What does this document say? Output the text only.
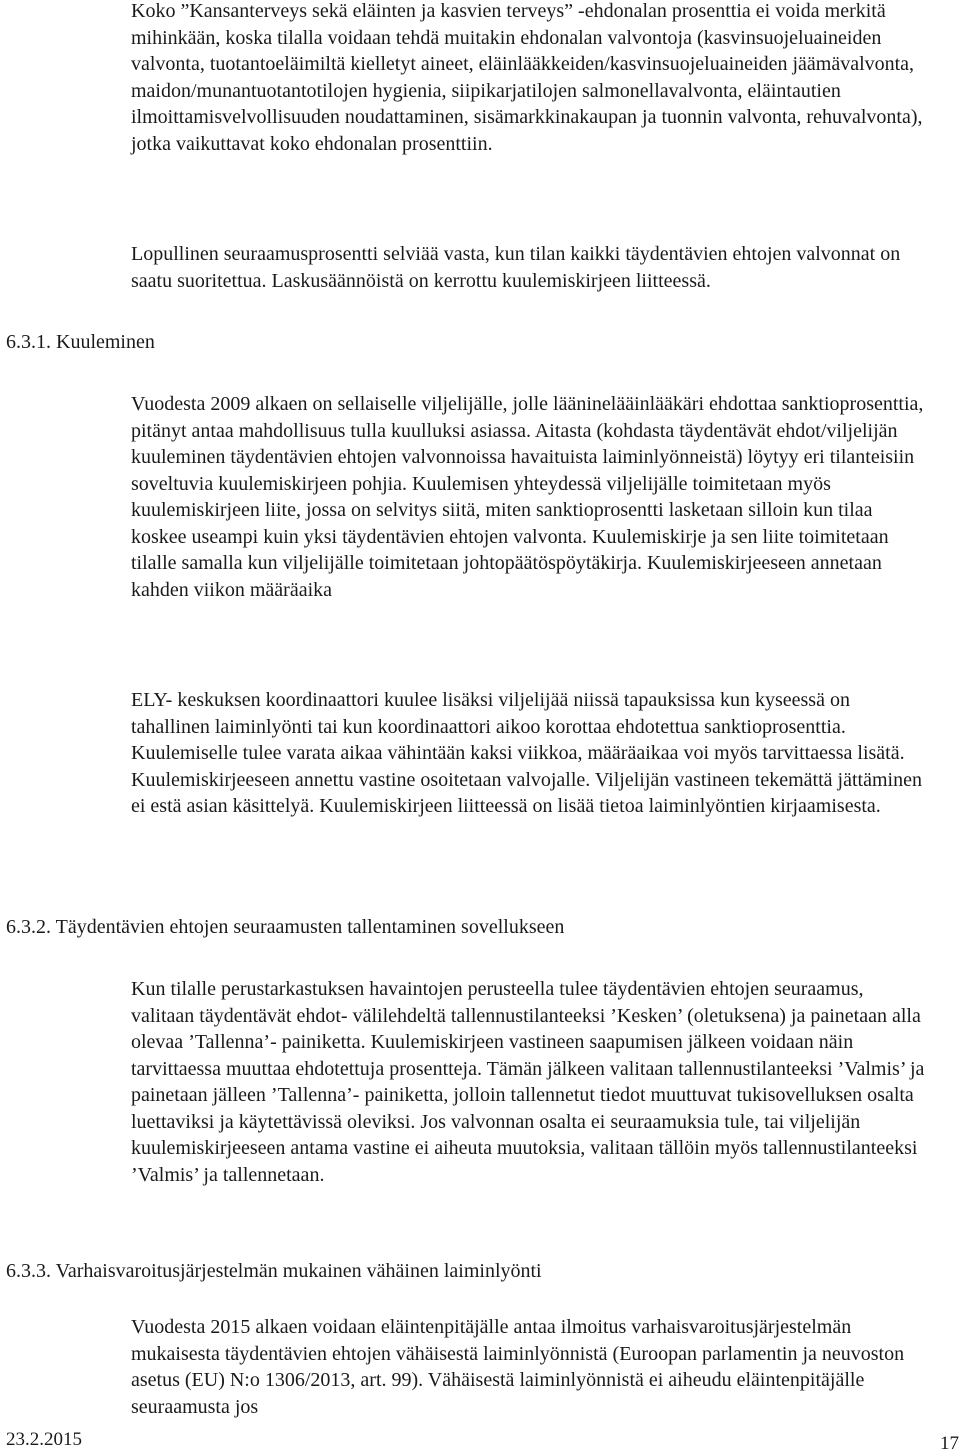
Koko ”Kansanterveys sekä eläinten ja kasvien terveys” -ehdonalan prosenttia ei voida merkitä mihinkään, koska tilalla voidaan tehdä muitakin ehdonalan valvontoja (kasvinsuojeluaineiden valvonta, tuotantoeläimiltä kielletyt aineet, eläinlääkkeiden/kasvinsuojeluaineiden jäämävalvonta, maidon/munantuotantotilojen hygienia, siipikarjatilojen salmonellavalvonta, eläintautien ilmoittamisvelvollisuuden noudattaminen, sisämarkkinakaupan ja tuonnin valvonta, rehuvalvonta), jotka vaikuttavat koko ehdonalan prosenttiin.

Lopullinen seuraamusprosentti selviää vasta, kun tilan kaikki täydentävien ehtojen valvonnat on saatu suoritettua. Laskusäännöistä on kerrottu kuulemiskirjeen liitteessä.

6.3.1. Kuuleminen

Vuodesta 2009 alkaen on sellaiselle viljelijälle, jolle lääninelääinlääkäri ehdottaa sanktioprosenttia, pitänyt antaa mahdollisuus tulla kuulluksi asiassa. Aitasta (kohdasta täydentävät ehdot/viljelijän kuuleminen täydentävien ehtojen valvonnoissa havaituista laiminlyönneistä) löytyy eri tilanteisiin soveltuvia kuulemiskirjeen pohjia. Kuulemisen yhteydessä viljelijälle toimitetaan myös kuulemiskirjeen liite, jossa on selvitys siitä, miten sanktioprosentti lasketaan silloin kun tilaa koskee useampi kuin yksi täydentävien ehtojen valvonta. Kuulemiskirje ja sen liite toimitetaan tilalle samalla kun viljelijälle toimitetaan johtopäätöspöytäkirja. Kuulemiskirjeeseen annetaan kahden viikon määräaika

ELY- keskuksen koordinaattori kuulee lisäksi viljelijää niissä tapauksissa kun kyseessä on tahallinen laiminlyönti tai kun koordinaattori aikoo korottaa ehdotettua sanktioprosenttia. Kuulemiselle tulee varata aikaa vähintään kaksi viikkoa, määräaikaa voi myös tarvittaessa lisätä. Kuulemiskirjeeseen annettu vastine osoitetaan valvojalle. Viljelijän vastineen tekemättä jättäminen ei estä asian käsittelyä. Kuulemiskirjeen liitteessä on lisää tietoa laiminlyöntien kirjaamisesta.

6.3.2. Täydentävien ehtojen seuraamusten tallentaminen sovellukseen

Kun tilalle perustarkastuksen havaintojen perusteella tulee täydentävien ehtojen seuraamus, valitaan täydentävät ehdot- välilehdeltä tallennustilanteeksi ’Kesken’ (oletuksena) ja painetaan alla olevaa ’Tallenna’- painiketta. Kuulemiskirjeen vastineen saapumisen jälkeen voidaan näin tarvittaessa muuttaa ehdotettuja prosentteja. Tämän jälkeen valitaan tallennustilanteeksi ’Valmis’ ja painetaan jälleen ’Tallenna’- painiketta, jolloin tallennetut tiedot muuttuvat tukisovelluksen osalta luettaviksi ja käytettävissä oleviksi. Jos valvonnan osalta ei seuraamuksia tule, tai viljelijän kuulemiskirjeeseen antama vastine ei aiheuta muutoksia, valitaan tällöin myös tallennustilanteeksi ’Valmis’ ja tallennetaan.

6.3.3. Varhaisvaroitusjärjestelmän mukainen vähäinen laiminlyönti

Vuodesta 2015 alkaen voidaan eläintenpitäjälle antaa ilmoitus varhaisvaroitusjärjestelmän mukaisesta täydentävien ehtojen vähäisestä laiminlyönnistä (Euroopan parlamentin ja neuvoston asetus (EU) N:o 1306/2013, art. 99). Vähäisestä laiminlyönnistä ei aiheudu eläintenpitäjälle seuraamusta jos

23.2.2015	17
